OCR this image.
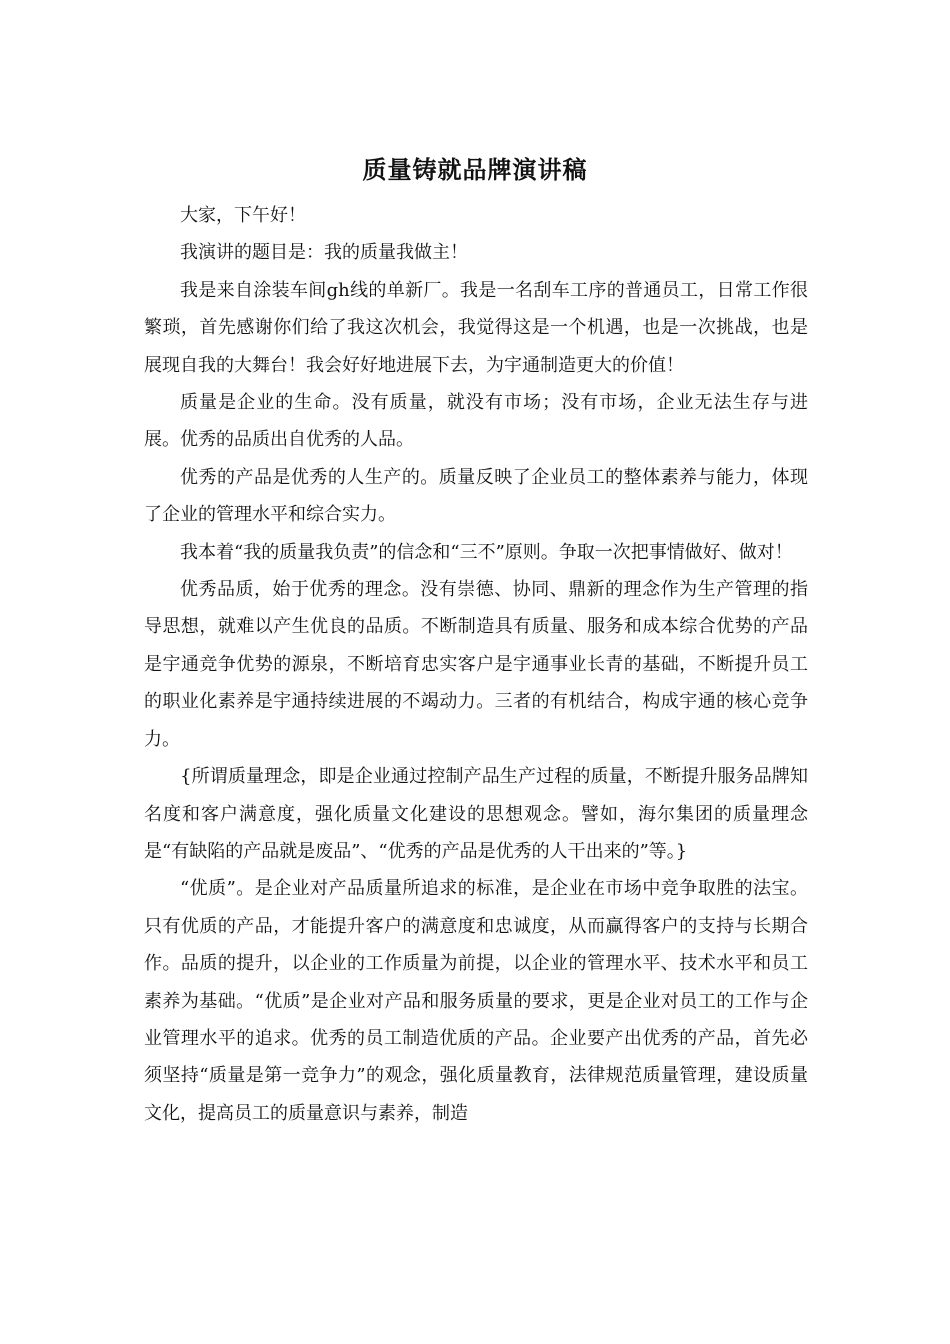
质量铸就品牌演讲稿

大家，下午好！

我演讲的题目是：我的质量我做主！

我是来自涂装车间gh线的单新厂。我是一名刮车工序的普通员工，日常工作很繁琐，首先感谢你们给了我这次机会，我觉得这是一个机遇，也是一次挑战，也是展现自我的大舞台！我会好好地进展下去，为宇通制造更大的价值！

质量是企业的生命。没有质量，就没有市场；没有市场，企业无法生存与进展。优秀的品质出自优秀的人品。

优秀的产品是优秀的人生产的。质量反映了企业员工的整体素养与能力，体现了企业的管理水平和综合实力。

我本着“我的质量我负责”的信念和“三不”原则。争取一次把事情做好、做对！

优秀品质，始于优秀的理念。没有崇德、协同、鼎新的理念作为生产管理的指导思想，就难以产生优良的品质。不断制造具有质量、服务和成本综合优势的产品是宇通竞争优势的源泉，不断培育忠实客户是宇通事业长青的基础，不断提升员工的职业化素养是宇通持续进展的不竭动力。三者的有机结合，构成宇通的核心竞争力。

{所谓质量理念，即是企业通过控制产品生产过程的质量，不断提升服务品牌知名度和客户满意度，强化质量文化建设的思想观念。譬如，海尔集团的质量理念是“有缺陷的产品就是废品”、“优秀的产品是优秀的人干出来的”等。}

“优质”。是企业对产品质量所追求的标准，是企业在市场中竞争取胜的法宝。只有优质的产品，才能提升客户的满意度和忠诚度，从而赢得客户的支持与长期合作。品质的提升，以企业的工作质量为前提，以企业的管理水平、技术水平和员工素养为基础。“优质”是企业对产品和服务质量的要求，更是企业对员工的工作与企业管理水平的追求。优秀的员工制造优质的产品。企业要产出优秀的产品，首先必须坚持“质量是第一竞争力”的观念，强化质量教育，法律规范质量管理，建设质量文化，提高员工的质量意识与素养，制造
